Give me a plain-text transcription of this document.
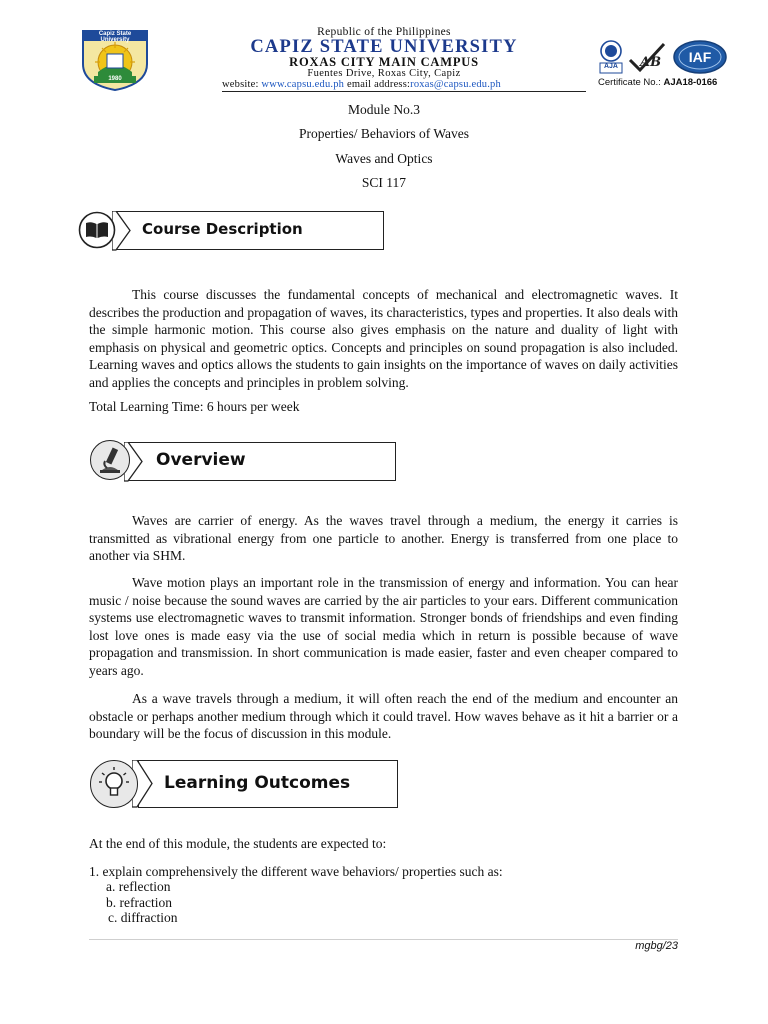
Capiz State University
1980
Republic of the Philippines
CAPIZ STATE UNIVERSITY
ROXAS CITY MAIN CAMPUS
Fuentes Drive, Roxas City, Capiz
website: www.capsu.edu.ph email address:roxas@capsu.edu.ph
AJA	AB	IAF
Certificate No.: AJA18-0166
Module No.3
Properties/ Behaviors of Waves
Waves and Optics
SCI 117
Course Description

This course discusses the fundamental concepts of mechanical and electromagnetic waves. It describes the production and propagation of waves, its characteristics, types and properties. It also deals with the simple harmonic motion. This course also gives emphasis on the nature and duality of light with emphasis on physical and geometric optics. Concepts and principles on sound propagation is also included. Learning waves and optics allows the students to gain insights on the importance of waves on daily activities and applies the concepts and principles in problem solving.

Total Learning Time: 6 hours per week
Overview

Waves are carrier of energy. As the waves travel through a medium, the energy it carries is transmitted as vibrational energy from one particle to another. Energy is transferred from one place to another via SHM.

Wave motion plays an important role in the transmission of energy and information. You can hear music / noise because the sound waves are carried by the air particles to your ears. Different communication systems use electromagnetic waves to transmit information. Stronger bonds of friendships and even finding lost love ones is made easy via the use of social media which in return is possible because of wave propagation and transmission. In short communication is made easier, faster and even cheaper compared to years ago.

As a wave travels through a medium, it will often reach the end of the medium and encounter an obstacle or perhaps another medium through which it could travel. How waves behave as it hit a barrier or a boundary will be the focus of discussion in this module.

Learning Outcomes
At the end of this module, the students are expected to:
1. explain comprehensively the different wave behaviors/ properties such as:
a. reflection
b. refraction
c. diffraction
mgbg/23
